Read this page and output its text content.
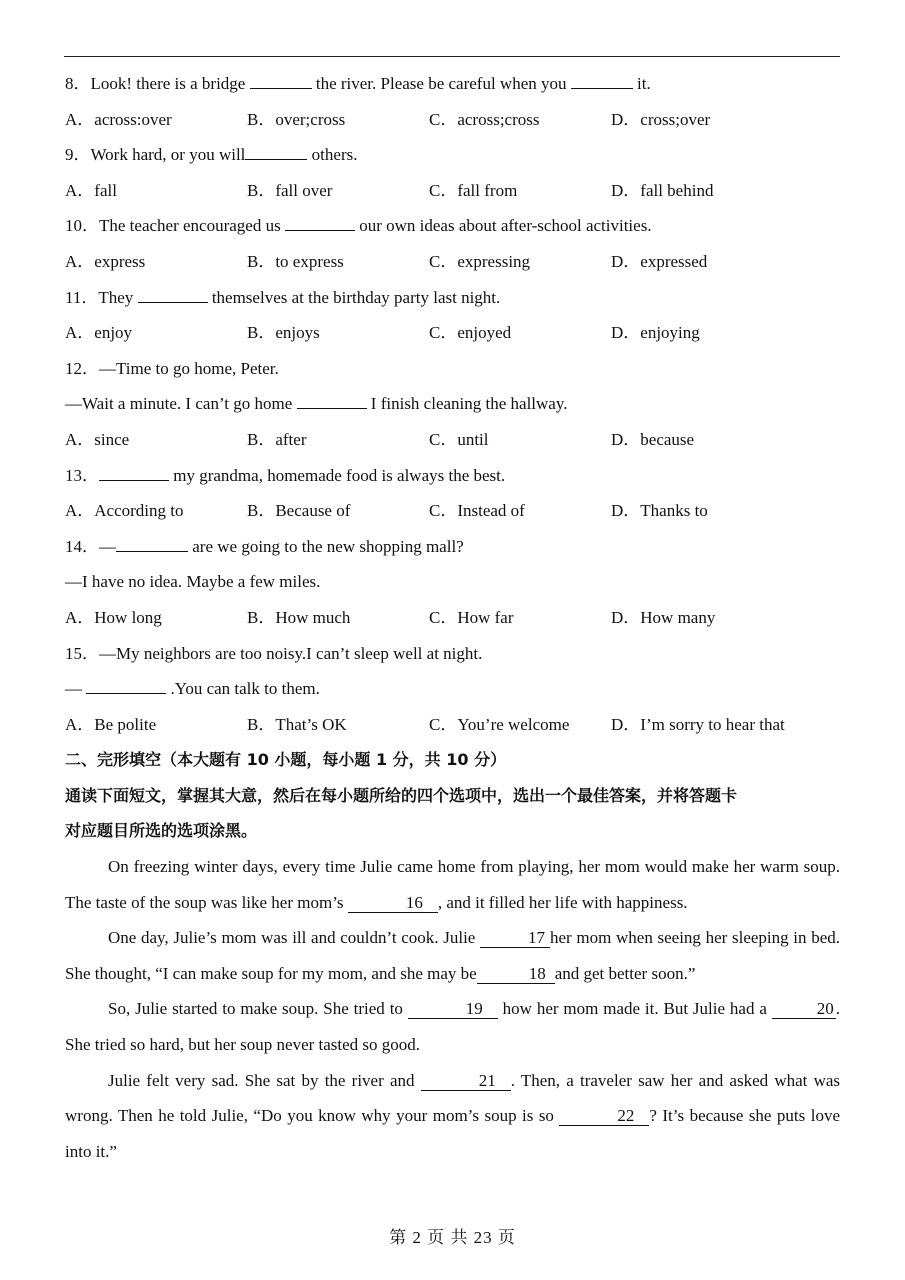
8．Look! there is a bridge	the river. Please be careful when you	it.
A．across:over	B．over;cross	C．across;cross	D．cross;over
9．Work hard, or you will	others.
A．fall	B．fall over	C．fall from	D．fall behind
10．The teacher encouraged us	our own ideas about after-school activities.
A．express	B．to express	C．expressing	D．expressed
11．They	themselves at the birthday party last night.
A．enjoy	B．enjoys	C．enjoyed	D．enjoying
12．—Time to go home, Peter.
—Wait a minute. I can’t go home	I finish cleaning the hallway.
A．since	B．after	C．until	D．because
13．	my grandma, homemade food is always the best.
A．According to	B．Because of	C．Instead of	D．Thanks to
14．—	are we going to the new shopping mall?
—I have no idea. Maybe a few miles.
A．How long	B．How much	C．How far	D．How many
15．—My neighbors are too noisy.I can’t sleep well at night.
—	.You can talk to them.
A．Be polite	B．That’s OK	C．You’re welcome	D．I’m sorry to hear that
二、完形填空（本大题有 10 小题，每小题 1 分，共 10 分）
通读下面短文，掌握其大意，然后在每小题所给的四个选项中，选出一个最佳答案，并将答题卡
对应题目所选的选项涂黑。
On freezing winter days, every time Julie came home from playing, her mom would make her warm soup. The taste of the soup was like her mom’s	16 , and it filled her life with happiness.
One day, Julie’s mom was ill and couldn’t cook. Julie	17 her mom when seeing her sleeping in bed. She thought, “I can make soup for my mom, and she may be	18 and get better soon.”
So, Julie started to make soup. She tried to	19 how her mom made it. But Julie had a	20 . She tried so hard, but her soup never tasted so good.
Julie felt very sad. She sat by the river and	21 . Then, a traveler saw her and asked what was wrong. Then he told Julie, “Do you know why your mom’s soup is so	22 ? It’s because she puts love into it.”
第 2 页 共 23 页
